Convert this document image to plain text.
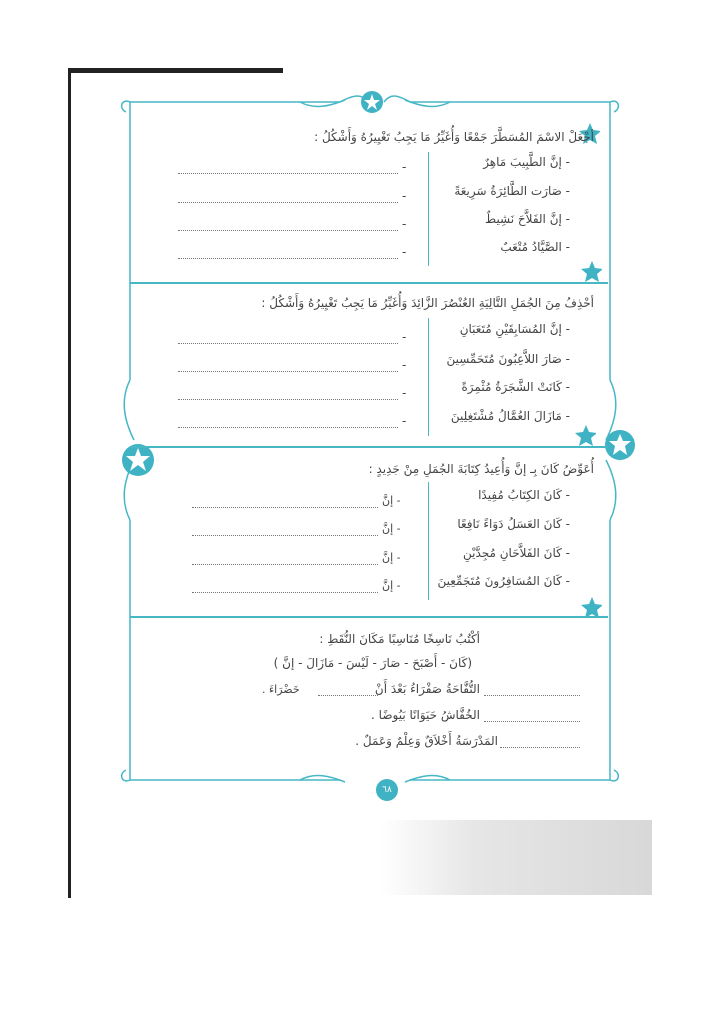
أجْعَلْ الاسْمَ المُسَطَّرَ جَمْعًا وَأُغَيِّرُ مَا يَجِبُ تَغْيِيرُهُ وَأَشْكُلُ :
- إنَّ الطَّبِيبَ مَاهِرٌ
- صَارَت الطَّائِرَةُ سَرِيعَةً
- إنَّ الفَلاَّحَ نَشِيطٌ
- الصَّيَّادُ مُتْعَبٌ
-
-
-
-
أحْذِفُ مِنَ الجُمَلِ التَّالِيَةِ العُنْصُرَ الزَّائِدَ وَأُغَيِّرُ مَا يَجِبُ تَغْيِيرُهُ وَأَشْكُلُ :
- إنَّ المُسَابِقَيْنِ مُتَعَبَانِ
- صَارَ اللاَّعِبُونَ مُتَحَمِّسِينَ
- كَانَتْ الشَّجَرَةُ مُثْمِرَةً
- مَازَالَ العُمَّالُ مُشْتَغِلِينَ
-
-
-
-
أُعَوِّضُ كَانَ بِـ إنَّ وَأُعِيدُ كِتَابَةَ الجُمَلِ مِنْ جَدِيدٍ :
- كَانَ الكِتَابُ مُفِيدًا
- كَانَ العَسَلُ دَوَاءً نَافِعًا
- كَانَ الفَلاَّحَانِ مُجِدَّيْنِ
- كَانَ المُسَافِرُونَ مُتَجَمِّعِينَ
- إنَّ
- إنَّ
- إنَّ
- إنَّ
أكْتُبُ نَاسِخًا مُنَاسِبًا مَكَانَ النُّقَطِ :
(كَانَ - أَصْبَحَ - صَارَ - لَيْسَ - مَازَالَ - إنَّ )
التُّفَّاحَةُ صَفْرَاءُ بَعْدَ أَنْ
خَضْرَاءَ .
الخُفَّاشُ حَيَوَانًا بَيُوضًا .
المَدْرَسَةُ أَخْلاَقٌ وَعِلْمٌ وَعَمَلٌ .
٦٨
